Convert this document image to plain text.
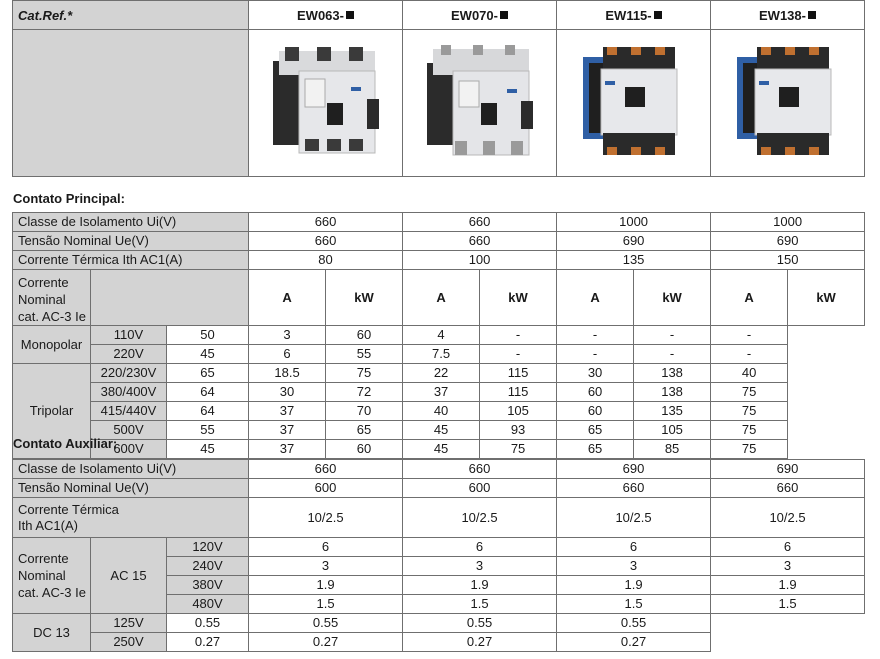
Cat.Ref.*	EW063-	EW070-	EW115-	EW138-

Contato Principal:
Classe de Isolamento Ui(V)			660		660		1000		1000	
Tensão Nominal Ue(V)			660		660		690		690	
Corrente Térmica Ith AC1(A)			80		100		135		150	
Corrente Nominal cat. AC-3 Ie			A	kW	A	kW	A	kW	A	kW
Monopolar	110V	50	3	60	4	-	-	-	-	
	220V	45	6	55	7.5	-	-	-	-	
Tripolar	220/230V	65	18.5	75	22	115	30	138	40	
	380/400V	64	30	72	37	115	60	138	75	
	415/440V	64	37	70	40	105	60	135	75	
	500V	55	37	65	45	93	65	105	75	
	600V	45	37	60	45	75	65	85	75	
Contato Auxiliar:
Classe de Isolamento Ui(V)			660	660	690	690
Tensão Nominal Ue(V)			600	600	660	660

Corrente Térmica
Ith AC1(A)			10/2.5	10/2.5	10/2.5	10/2.5
Corrente Nominal cat. AC-3 Ie	AC 15	120V	6	6	6	6
		240V	3	3	3	3
		380V	1.9	1.9	1.9	1.9
		480V	1.5	1.5	1.5	1.5
DC 13	125V	0.55	0.55	0.55	0.55	
	250V	0.27	0.27	0.27	0.27	
